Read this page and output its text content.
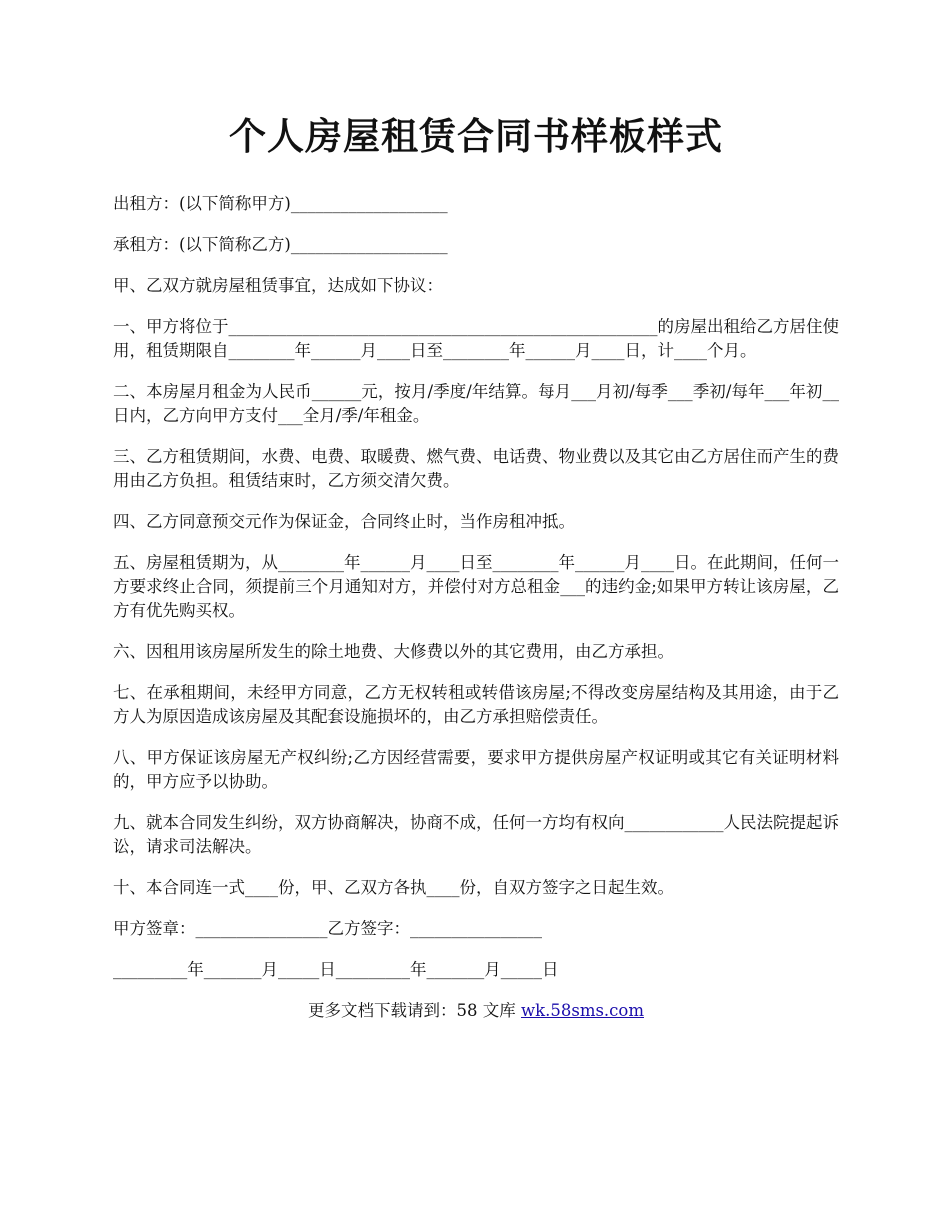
个人房屋租赁合同书样板样式

出租方：(以下简称甲方)___________________

承租方：(以下简称乙方)___________________

甲、乙双方就房屋租赁事宜，达成如下协议：

一、甲方将位于____________________________________________________的房屋出租给乙方居住使用，租赁期限自________年______月____日至________年______月____日，计____个月。

二、本房屋月租金为人民币______元，按月/季度/年结算。每月___月初/每季___季初/每年___年初__日内，乙方向甲方支付___全月/季/年租金。

三、乙方租赁期间，水费、电费、取暖费、燃气费、电话费、物业费以及其它由乙方居住而产生的费用由乙方负担。租赁结束时，乙方须交清欠费。

四、乙方同意预交元作为保证金，合同终止时，当作房租冲抵。

五、房屋租赁期为，从________年______月____日至________年______月____日。在此期间，任何一方要求终止合同，须提前三个月通知对方，并偿付对方总租金___的违约金;如果甲方转让该房屋，乙方有优先购买权。

六、因租用该房屋所发生的除土地费、大修费以外的其它费用，由乙方承担。

七、在承租期间，未经甲方同意，乙方无权转租或转借该房屋;不得改变房屋结构及其用途，由于乙方人为原因造成该房屋及其配套设施损坏的，由乙方承担赔偿责任。

八、甲方保证该房屋无产权纠纷;乙方因经营需要，要求甲方提供房屋产权证明或其它有关证明材料的，甲方应予以协助。

九、就本合同发生纠纷，双方协商解决，协商不成，任何一方均有权向____________人民法院提起诉讼，请求司法解决。

十、本合同连一式____份，甲、乙双方各执____份，自双方签字之日起生效。

甲方签章：________________乙方签字：________________

_________年_______月_____日_________年_______月_____日

更多文档下载请到：58 文库 wk.58sms.com
